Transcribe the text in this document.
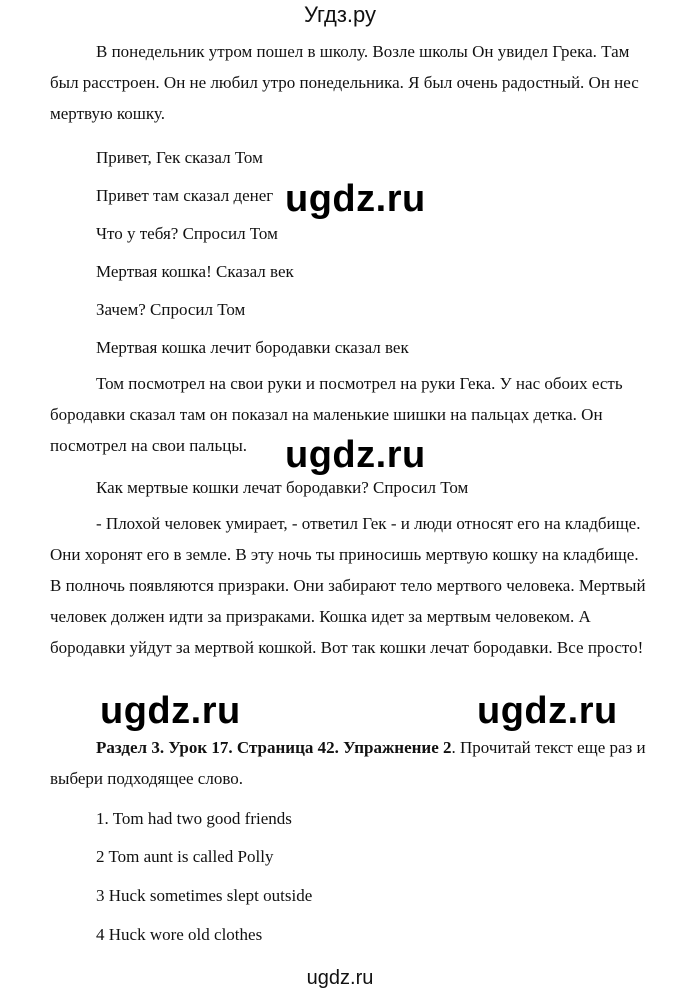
Угдз.ру

В понедельник утром пошел в школу. Возле школы Он увидел Грека. Там был расстроен. Он не любил утро понедельника. Я был очень радостный. Он нес мертвую кошку.

Привет, Гек сказал Том
Привет там сказал денег
Что у тебя? Спросил Том
Мертвая кошка! Сказал век
Зачем? Спросил Том
Мертвая кошка лечит бородавки сказал век

Том посмотрел на свои руки и посмотрел на руки Гека. У нас обоих есть бородавки сказал там он показал на маленькие шишки на пальцах детка. Он посмотрел на свои пальцы.

Как мертвые кошки лечат бородавки? Спросил Том

- Плохой человек умирает, - ответил Гек - и люди относят его на кладбище. Они хоронят его в земле. В эту ночь ты приносишь мертвую кошку на кладбище. В полночь появляются призраки. Они забирают тело мертвого человека. Мертвый человек должен идти за призраками. Кошка идет за мертвым человеком. А бородавки уйдут за мертвой кошкой. Вот так кошки лечат бородавки. Все просто!

Раздел 3. Урок 17. Страница 42. Упражнение 2. Прочитай текст еще раз и выбери подходящее слово.

1. Tom had two good friends
2 Tom aunt is called Polly
3 Huck sometimes slept outside
4 Huck wore old clothes
ugdz.ru
ugdz.ru
ugdz.ru	ugdz.ru
ugdz.ru
